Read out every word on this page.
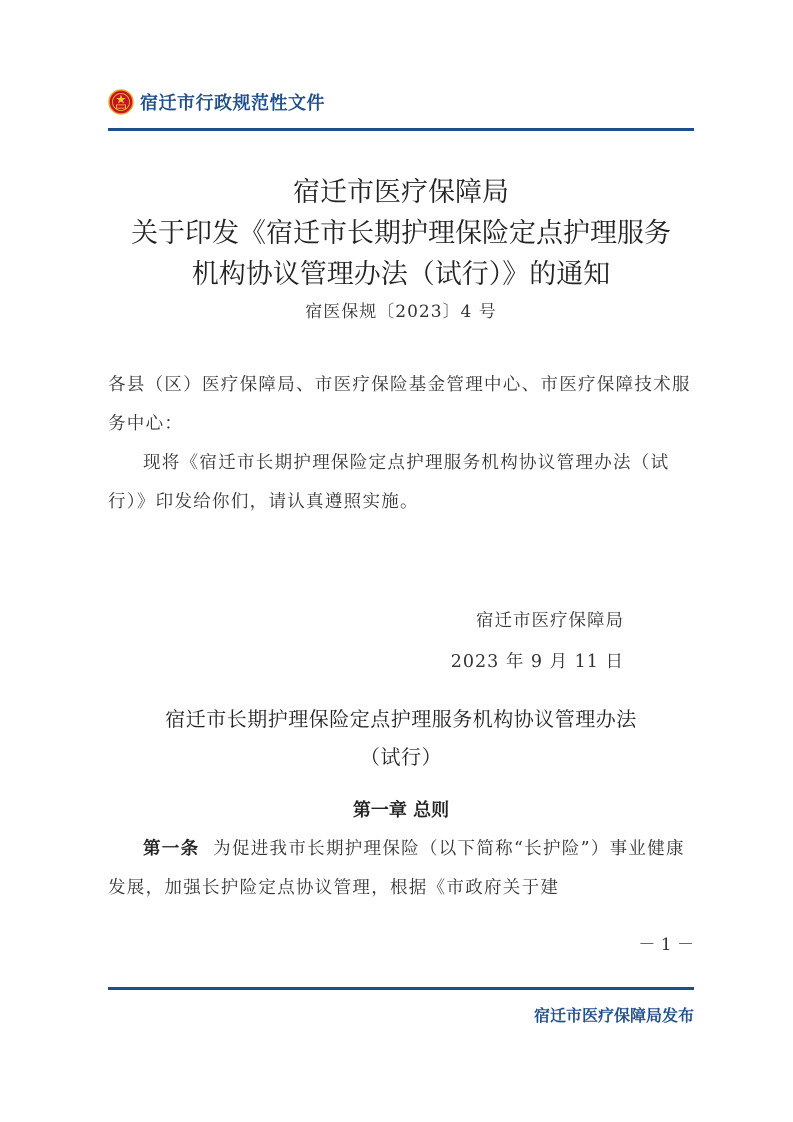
宿迁市行政规范性文件
宿迁市医疗保障局
关于印发《宿迁市长期护理保险定点护理服务
机构协议管理办法（试行）》的通知
宿医保规〔2023〕4 号
各县（区）医疗保障局、市医疗保险基金管理中心、市医疗保障技术服务中心：
现将《宿迁市长期护理保险定点护理服务机构协议管理办法（试行）》印发给你们，请认真遵照实施。
宿迁市医疗保障局
2023 年 9 月 11 日
宿迁市长期护理保险定点护理服务机构协议管理办法
（试行）
第一章 总则
第一条 为促进我市长期护理保险（以下简称“长护险”）事业健康发展，加强长护险定点协议管理，根据《市政府关于建
－ 1 －
宿迁市医疗保障局发布
